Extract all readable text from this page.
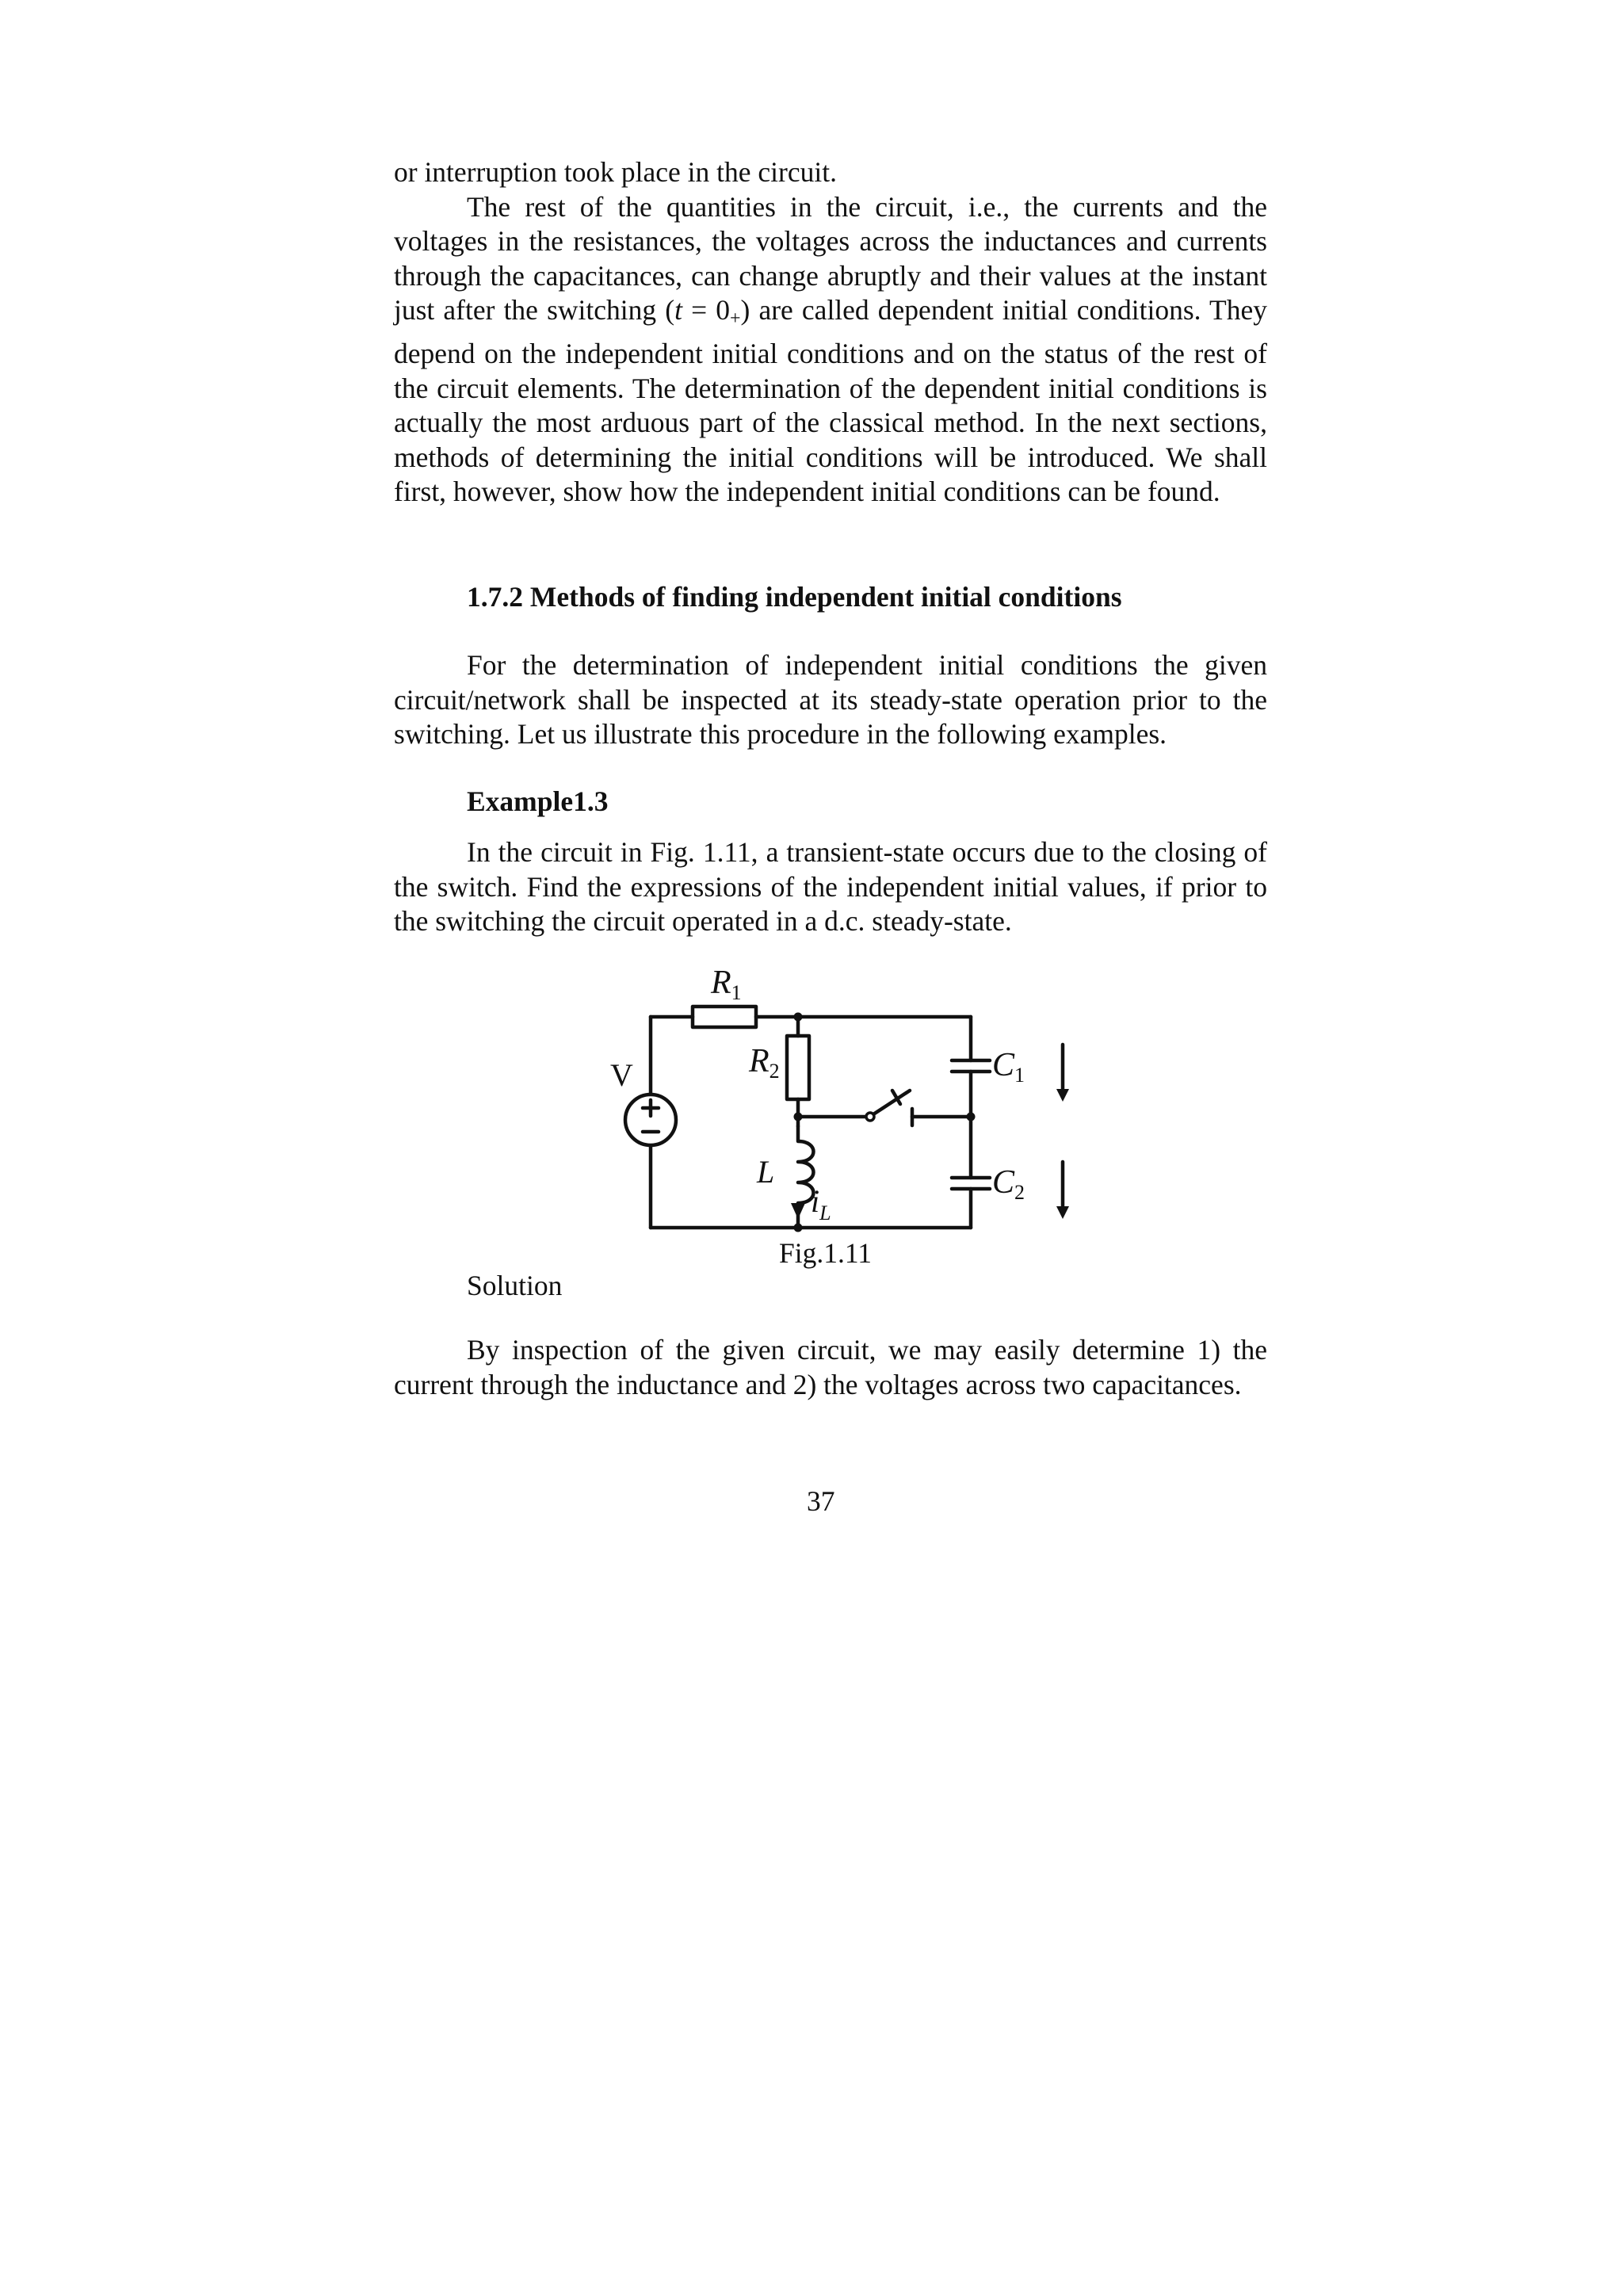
or interruption took place in the circuit.

The rest of the quantities in the circuit, i.e., the currents and the voltages in the resistances, the voltages across the inductances and currents through the capacitances, can change abruptly and their values at the instant just after the switching $(t = 0_+)$ are called dependent initial conditions. They depend on the independent initial conditions and on the status of the rest of the circuit elements. The determination of the dependent initial conditions is actually the most arduous part of the classical method. In the next sections, methods of determining the initial conditions will be introduced. We shall first, however, show how the independent initial conditions can be found.

1.7.2 Methods of finding independent initial conditions

For the determination of independent initial conditions the given circuit/network shall be inspected at its steady-state operation prior to the switching. Let us illustrate this procedure in the following examples.

Example1.3

In the circuit in Fig. 1.11, a transient-state occurs due to the closing of the switch. Find the expressions of the independent initial values, if prior to the switching the circuit operated in a d.c. steady-state.

R1
R2
V
L
$i_L$
C1
C2

Fig.1.11

Solution

By inspection of the given circuit, we may easily determine 1) the current through the inductance and 2) the voltages across two capacitances.

37
